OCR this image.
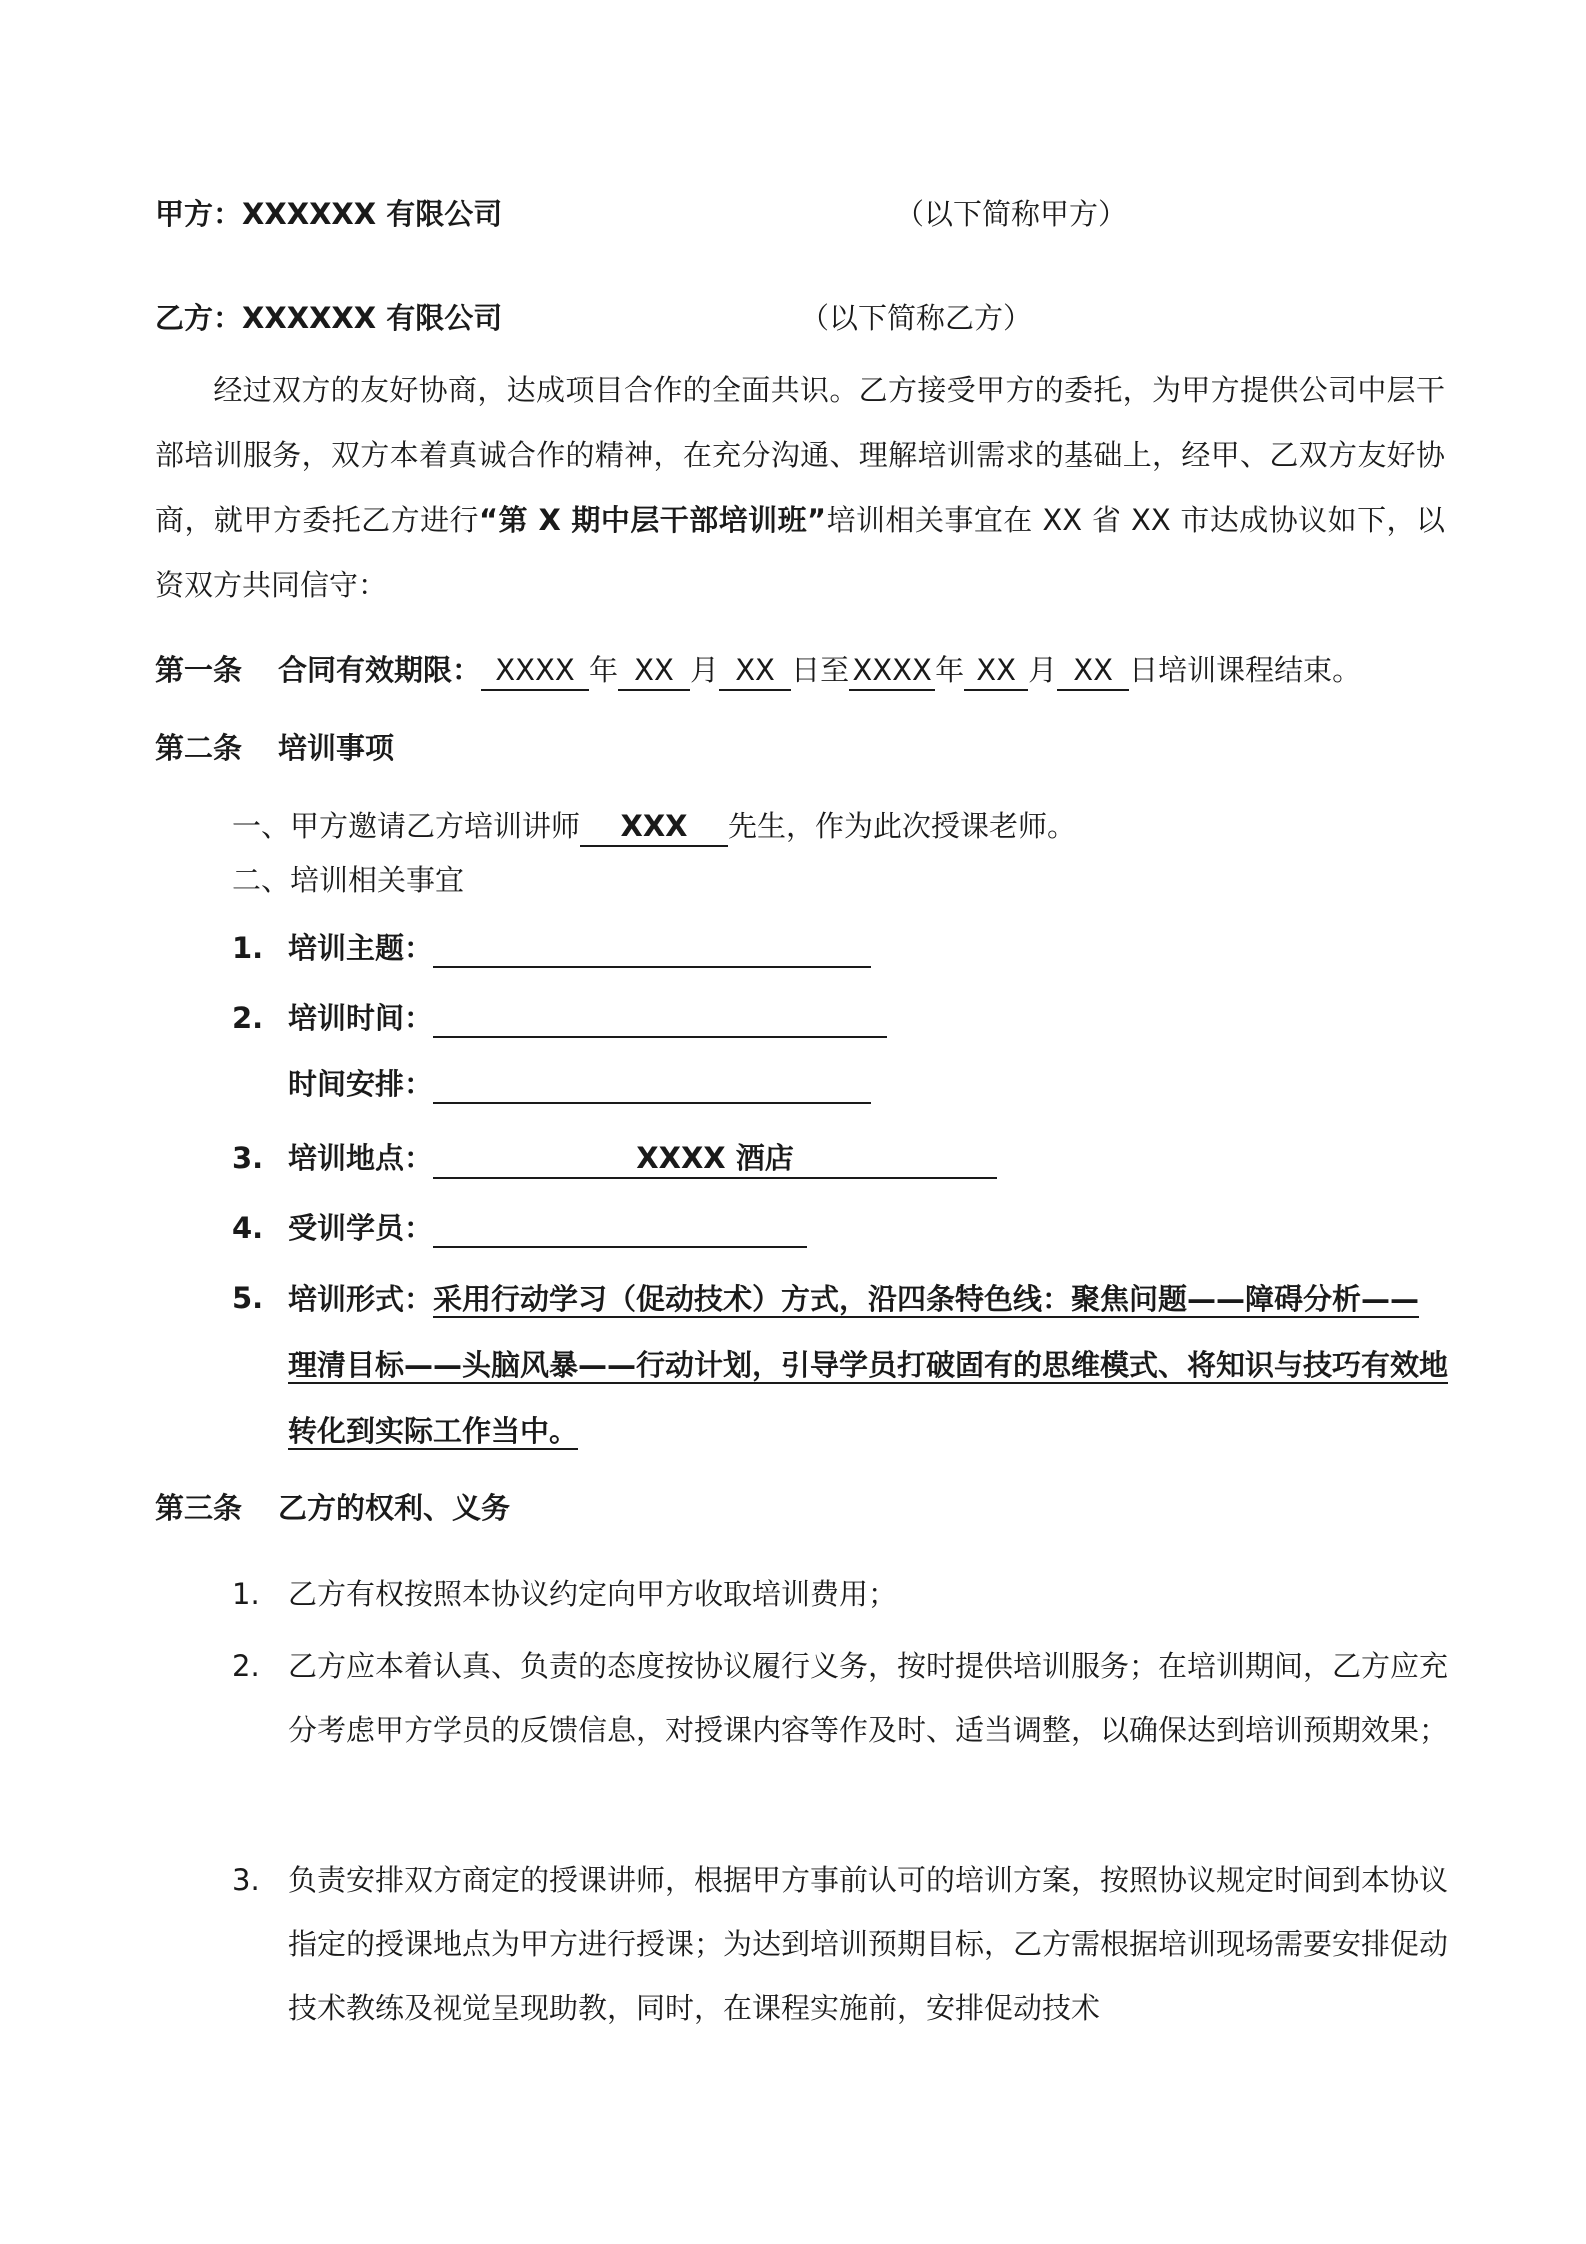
甲方：XXXXXX 有限公司	（以下简称甲方）
乙方：XXXXXX 有限公司	（以下简称乙方）
经过双方的友好协商，达成项目合作的全面共识。乙方接受甲方的委托，为甲方提供公司中层干部培训服务，双方本着真诚合作的精神，在充分沟通、理解培训需求的基础上，经甲、乙双方友好协商，就甲方委托乙方进行“第 X 期中层干部培训班”培训相关事宜在 XX 省 XX 市达成协议如下，以资双方共同信守：
第一条 合同有效期限： XXXX 年 XX 月 XX 日至 XXXX 年 XX 月 XX 日培训课程结束。
第二条 培训事项
一、甲方邀请乙方培训讲师 XXX 先生，作为此次授课老师。
二、培训相关事宜
1. 培训主题：
2. 培训时间：
时间安排：
3. 培训地点：	XXXX 酒店
4. 受训学员：
5. 培训形式：采用行动学习（促动技术）方式，沿四条特色线：聚焦问题——障碍分析——理清目标——头脑风暴——行动计划，引导学员打破固有的思维模式、将知识与技巧有效地转化到实际工作当中。
第三条 乙方的权利、义务
1. 乙方有权按照本协议约定向甲方收取培训费用；
2. 乙方应本着认真、负责的态度按协议履行义务，按时提供培训服务；在培训期间，乙方应充分考虑甲方学员的反馈信息，对授课内容等作及时、适当调整，以确保达到培训预期效果；
3. 负责安排双方商定的授课讲师，根据甲方事前认可的培训方案，按照协议规定时间到本协议指定的授课地点为甲方进行授课；为达到培训预期目标，乙方需根据培训现场需要安排促动技术教练及视觉呈现助教，同时，在课程实施前，安排促动技术
